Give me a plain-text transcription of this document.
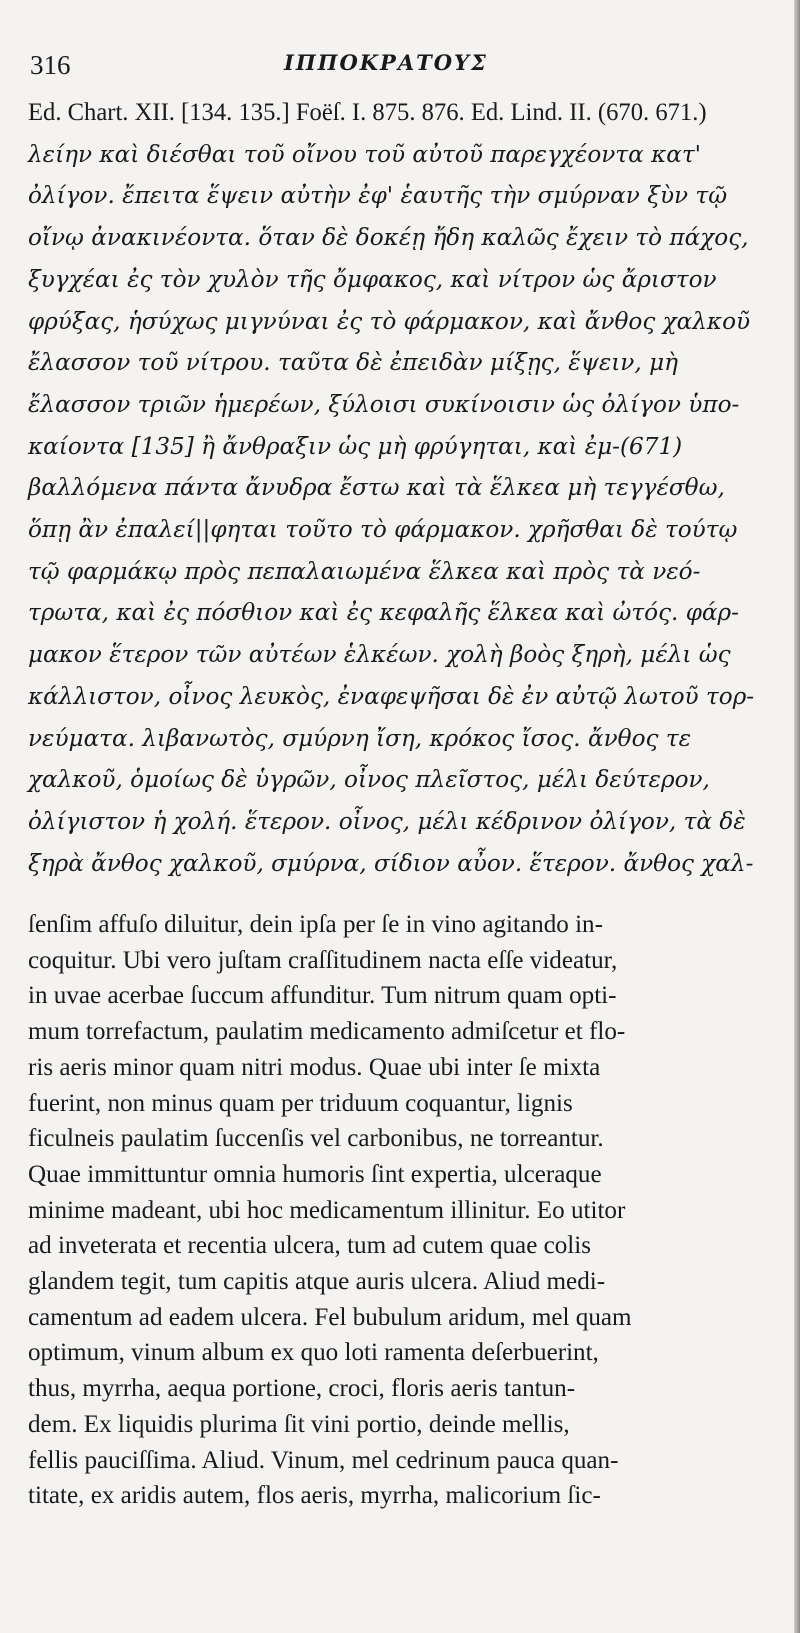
316	ΙΠΠΟΚΡΑΤΟΥΣ
Ed. Chart. XII. [134. 135.] Foëſ. I. 875. 876. Ed. Lind. II. (670. 671.)
λείην καὶ διέσθαι τοῦ οἴνου τοῦ αὐτοῦ παρεγχέοντα κατ'
ὀλίγον. ἔπειτα ἕψειν αὐτὴν ἐφ' ἑαυτῆς τὴν σμύρναν ξὺν τῷ
οἴνῳ ἀνακινέοντα. ὅταν δὲ δοκέῃ ἤδη καλῶς ἔχειν τὸ πάχος,
ξυγχέαι ἐς τὸν χυλὸν τῆς ὄμφακος, καὶ νίτρον ὡς ἄριστον
φρύξας, ἡσύχως μιγνύναι ἐς τὸ φάρμακον, καὶ ἄνθος χαλκοῦ
ἔλασσον τοῦ νίτρου. ταῦτα δὲ ἐπειδὰν μίξῃς, ἕψειν, μὴ
ἔλασσον τριῶν ἡμερέων, ξύλοισι συκίνοισιν ὡς ὀλίγον ὑπο-
καίοντα [135] ἢ ἄνθραξιν ὡς μὴ φρύγηται, καὶ ἐμ-(671)
βαλλόμενα πάντα ἄνυδρα ἔστω καὶ τὰ ἕλκεα μὴ τεγγέσθω,
ὅπῃ ἂν ἐπαλεί||φηται τοῦτο τὸ φάρμακον. χρῆσθαι δὲ τούτῳ
τῷ φαρμάκῳ πρὸς πεπαλαιωμένα ἕλκεα καὶ πρὸς τὰ νεό-
τρωτα, καὶ ἐς πόσθιον καὶ ἐς κεφαλῆς ἕλκεα καὶ ὠτός. φάρ-
μακον ἕτερον τῶν αὐτέων ἑλκέων. χολὴ βοὸς ξηρὴ, μέλι ὡς
κάλλιστον, οἶνος λευκὸς, ἐναφεψῆσαι δὲ ἐν αὐτῷ λωτοῦ τορ-
νεύματα. λιβανωτὸς, σμύρνη ἴση, κρόκος ἴσος. ἄνθος τε
χαλκοῦ, ὁμοίως δὲ ὑγρῶν, οἶνος πλεῖστος, μέλι δεύτερον,
ὀλίγιστον ἡ χολή. ἕτερον. οἶνος, μέλι κέδρινον ὀλίγον, τὰ δὲ
ξηρὰ ἄνθος χαλκοῦ, σμύρνα, σίδιον αὖον. ἕτερον. ἄνθος χαλ-
ſenſim affuſo diluitur, dein ipſa per ſe in vino agitando in-
coquitur. Ubi vero juſtam craſſitudinem nacta eſſe videatur,
in uvae acerbae ſuccum affunditur. Tum nitrum quam opti-
mum torrefactum, paulatim medicamento admiſcetur et flo-
ris aeris minor quam nitri modus. Quae ubi inter ſe mixta
fuerint, non minus quam per triduum coquantur, lignis
ficulneis paulatim ſuccenſis vel carbonibus, ne torreantur.
Quae immittuntur omnia humoris ſint expertia, ulceraque
minime madeant, ubi hoc medicamentum illinitur. Eo utitor
ad inveterata et recentia ulcera, tum ad cutem quae colis
glandem tegit, tum capitis atque auris ulcera. Aliud medi-
camentum ad eadem ulcera. Fel bubulum aridum, mel quam
optimum, vinum album ex quo loti ramenta deſerbuerint,
thus, myrrha, aequa portione, croci, floris aeris tantun-
dem. Ex liquidis plurima ſit vini portio, deinde mellis,
fellis pauciſſima. Aliud. Vinum, mel cedrinum pauca quan-
titate, ex aridis autem, flos aeris, myrrha, malicorium ſic-
